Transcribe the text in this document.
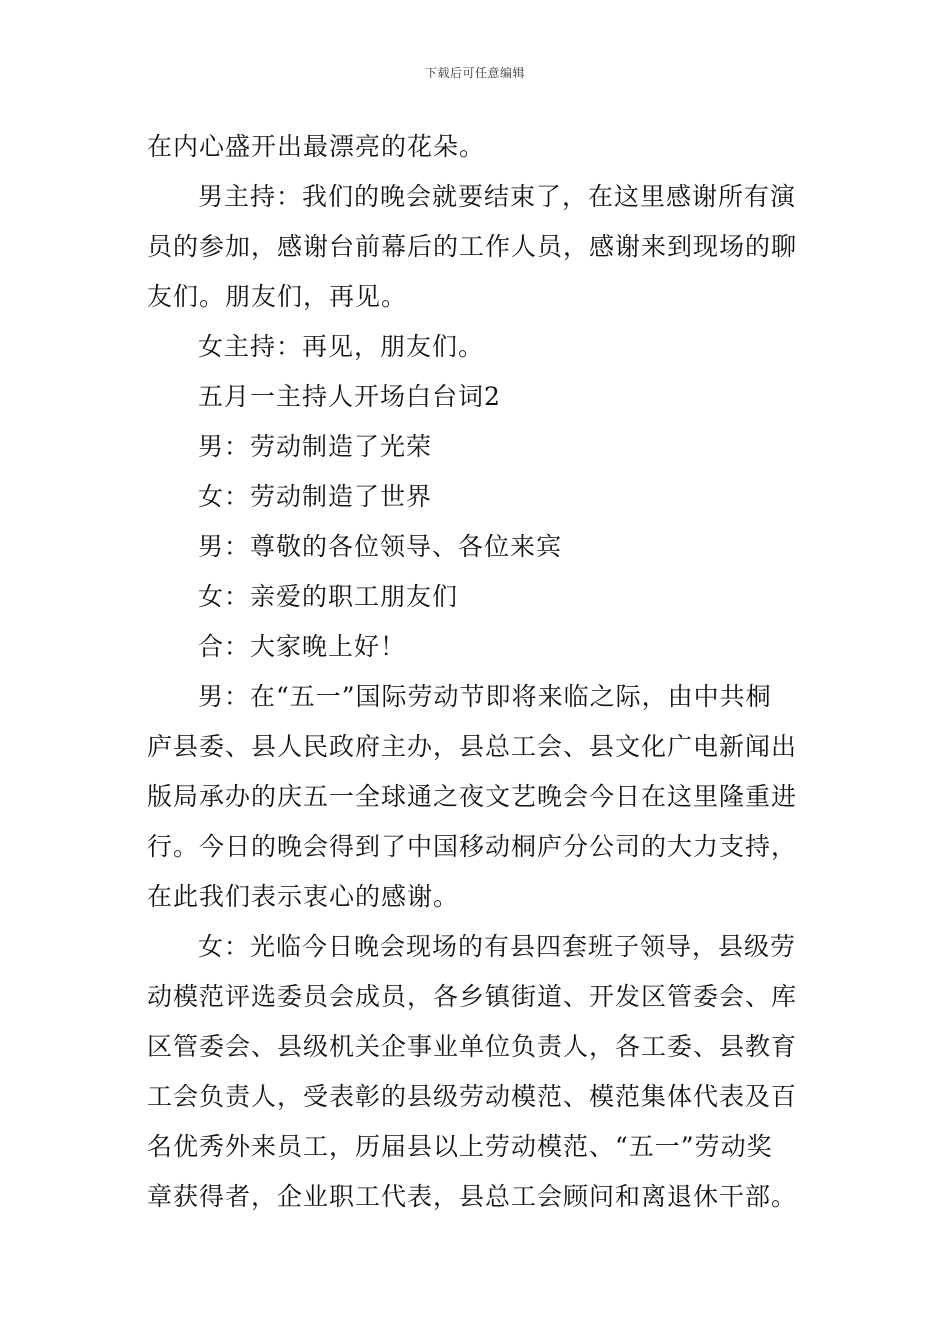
下载后可任意编辑
在内心盛开出最漂亮的花朵。
男主持：我们的晚会就要结束了，在这里感谢所有演
员的参加，感谢台前幕后的工作人员，感谢来到现场的聊
友们。朋友们，再见。
女主持：再见，朋友们。
五月一主持人开场白台词2
男：劳动制造了光荣
女：劳动制造了世界
男：尊敬的各位领导、各位来宾
女：亲爱的职工朋友们
合：大家晚上好！
男：在“五一”国际劳动节即将来临之际，由中共桐
庐县委、县人民政府主办，县总工会、县文化广电新闻出
版局承办的庆五一全球通之夜文艺晚会今日在这里隆重进
行。今日的晚会得到了中国移动桐庐分公司的大力支持，
在此我们表示衷心的感谢。
女：光临今日晚会现场的有县四套班子领导，县级劳
动模范评选委员会成员，各乡镇街道、开发区管委会、库
区管委会、县级机关企事业单位负责人，各工委、县教育
工会负责人，受表彰的县级劳动模范、模范集体代表及百
名优秀外来员工，历届县以上劳动模范、“五一”劳动奖
章获得者，企业职工代表，县总工会顾问和离退休干部。
